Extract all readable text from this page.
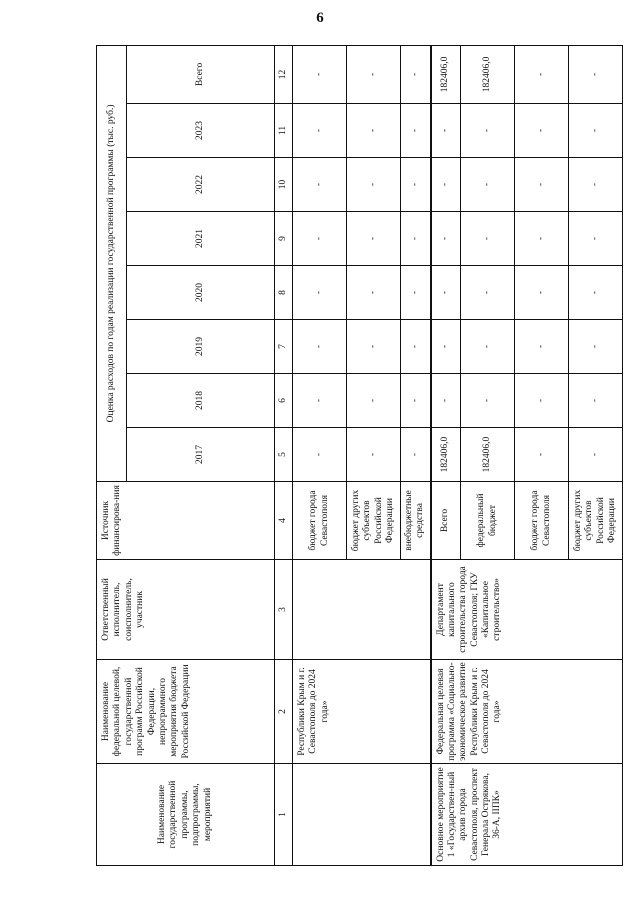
6
Наименование государственной программы, подпрограммы, мероприятий	Наименование федеральной целевой, государственной программ Российской Федерации, непрограммного мероприятия бюджета Российской Федерации	Ответственный исполнитель, соисполнитель, участник	Источник финансирова-ния	Оценка расходов по годам реализации государственной программы (тыс. руб.)							
				2017	2018	2019	2020	2021	2022	2023	Всего
1	2	3	4	5	6	7	8	9	10	11	12
	Республики Крым и г. Севастополя до 2024 года»		бюджет города Севастополя	-	-	-	-	-	-	-	-
			бюджет других субъектов Российской Федерации	-	-	-	-	-	-	-	-
			внебюджетные средства	-	-	-	-	-	-	-	-
Основное мероприятие 1 «Государствен-ный архив города Севастополя, проспект Генерала Острякова, 36-А, IIПК»	Федеральная целевая программа «Социально-экономическое развитие Республики Крым и г. Севастополя до 2024 года»	Департамент капитального строительства города Севастополя; ГКУ «Капитальное строительство»	Всего	182406,0	-	-	-	-	-	-	182406,0
			федеральный бюджет	182406,0	-	-	-	-	-	-	182406,0
			бюджет города Севастополя	-	-	-	-	-	-	-	-
			бюджет других субъектов Российской Федерации	-	-	-	-	-	-	-	-
